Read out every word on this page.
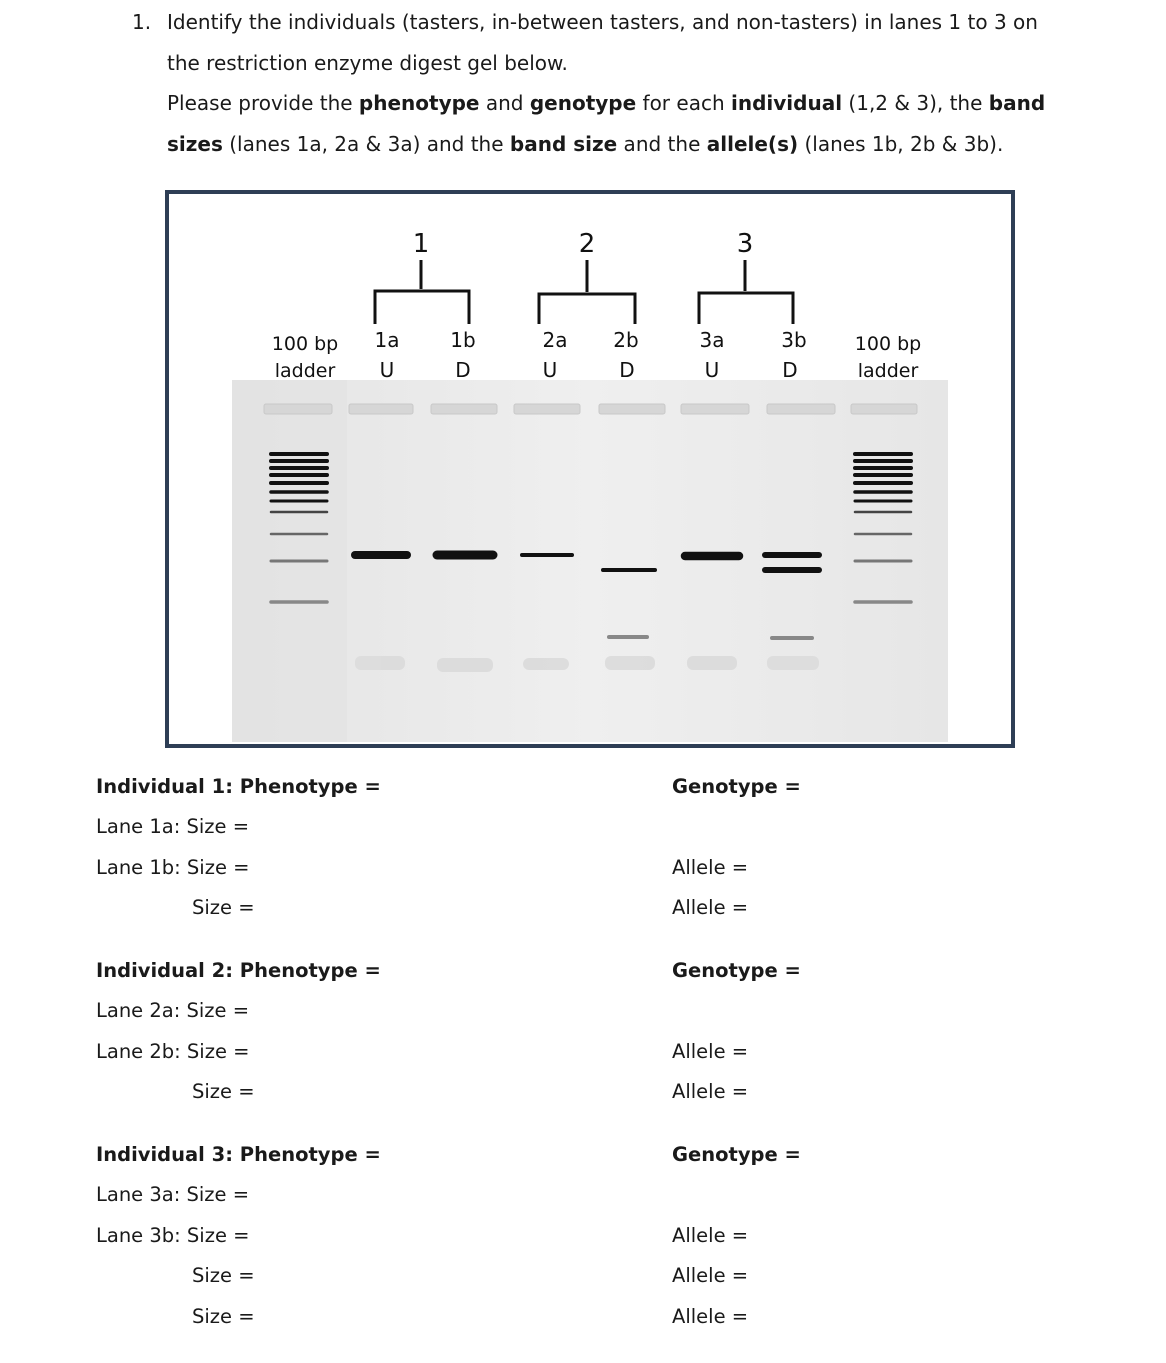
1. Identify the individuals (tasters, in-between tasters, and non-tasters) in lanes 1 to 3 on
the restriction enzyme digest gel below.
Please provide the phenotype and genotype for each individual (1,2 & 3), the band
sizes (lanes 1a, 2a & 3a) and the band size and the allele(s) (lanes 1b, 2b & 3b).
1	2	3
100 bp
ladder
100 bp
ladder
1a
U
1b
D
2a
U
2b
D
3a
U
3b
D
Individual 1: Phenotype =	Genotype =
Lane 1a: Size =
Lane 1b: Size =	Allele =
Size =	Allele =
Individual 2: Phenotype =	Genotype =
Lane 2a: Size =
Lane 2b: Size =	Allele =
Size =	Allele =
Individual 3: Phenotype =	Genotype =
Lane 3a: Size =
Lane 3b: Size =	Allele =
Size =	Allele =
Size =	Allele =
